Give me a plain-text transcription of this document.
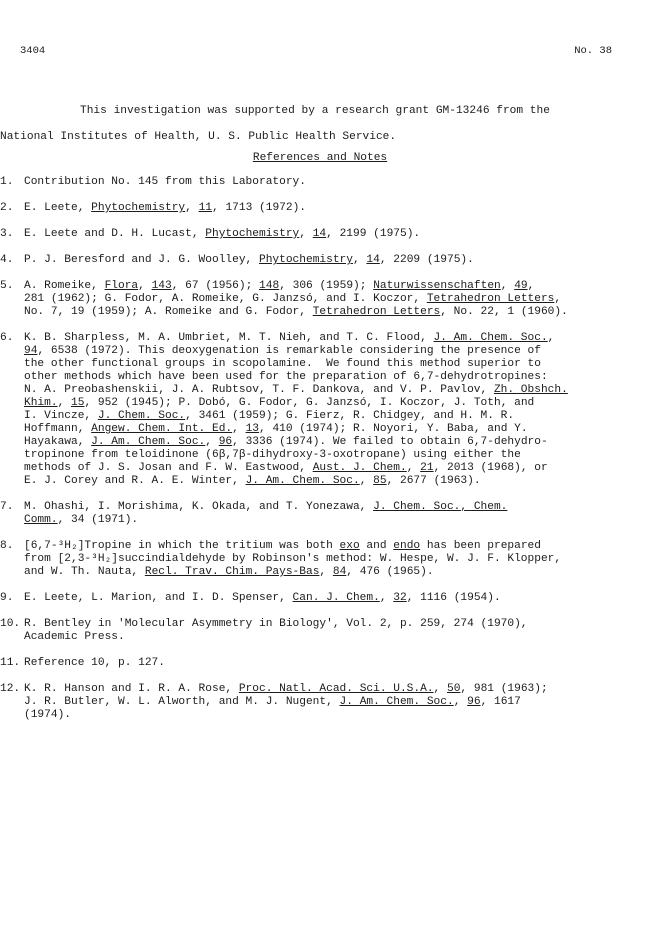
3404	No. 38

This investigation was supported by a research grant GM-13246 from the

National Institutes of Health, U. S. Public Health Service.

References and Notes
1. Contribution No. 145 from this Laboratory.
2. E. Leete, Phytochemistry, 11, 1713 (1972).
3. E. Leete and D. H. Lucast, Phytochemistry, 14, 2199 (1975).
4. P. J. Beresford and J. G. Woolley, Phytochemistry, 14, 2209 (1975).
5. A. Romeike, Flora, 143, 67 (1956); 148, 306 (1959); Naturwissenschaften, 49,
281 (1962); G. Fodor, A. Romeike, G. Janzsó, and I. Koczor, Tetrahedron Letters,
No. 7, 19 (1959); A. Romeike and G. Fodor, Tetrahedron Letters, No. 22, 1 (1960).
6. K. B. Sharpless, M. A. Umbriet, M. T. Nieh, and T. C. Flood, J. Am. Chem. Soc.,
94, 6538 (1972). This deoxygenation is remarkable considering the presence of
the other functional groups in scopolamine.  We found this method superior to
other methods which have been used for the preparation of 6,7-dehydrotropines:
N. A. Preobashenskii, J. A. Rubtsov, T. F. Dankova, and V. P. Pavlov, Zh. Obshch.
Khim., 15, 952 (1945); P. Dobó, G. Fodor, G. Janzsó, I. Koczor, J. Toth, and
I. Vincze, J. Chem. Soc., 3461 (1959); G. Fierz, R. Chidgey, and H. M. R.
Hoffmann, Angew. Chem. Int. Ed., 13, 410 (1974); R. Noyori, Y. Baba, and Y.
Hayakawa, J. Am. Chem. Soc., 96, 3336 (1974). We failed to obtain 6,7-dehydro-
tropinone from teloidinone (6β,7β-dihydroxy-3-oxotropane) using either the
methods of J. S. Josan and F. W. Eastwood, Aust. J. Chem., 21, 2013 (1968), or
E. J. Corey and R. A. E. Winter, J. Am. Chem. Soc., 85, 2677 (1963).
7. M. Ohashi, I. Morishima, K. Okada, and T. Yonezawa, J. Chem. Soc., Chem.
Comm., 34 (1971).
8. [6,7-³H₂]Tropine in which the tritium was both exo and endo has been prepared
from [2,3-³H₂]succindialdehyde by Robinson's method: W. Hespe, W. J. F. Klopper,
and W. Th. Nauta, Recl. Trav. Chim. Pays-Bas, 84, 476 (1965).
9. E. Leete, L. Marion, and I. D. Spenser, Can. J. Chem., 32, 1116 (1954).
10. R. Bentley in 'Molecular Asymmetry in Biology', Vol. 2, p. 259, 274 (1970),
Academic Press.
11. Reference 10, p. 127.
12. K. R. Hanson and I. R. A. Rose, Proc. Natl. Acad. Sci. U.S.A., 50, 981 (1963);
J. R. Butler, W. L. Alworth, and M. J. Nugent, J. Am. Chem. Soc., 96, 1617
(1974).
